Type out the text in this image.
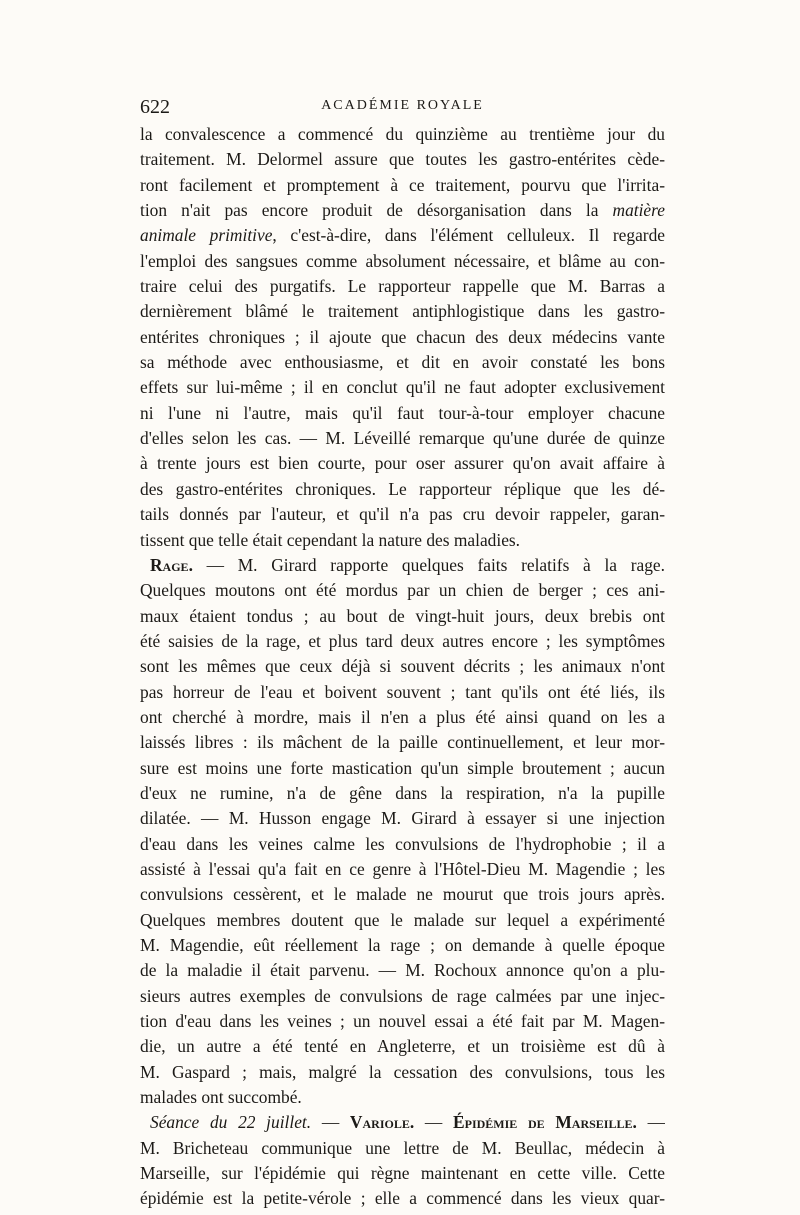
622	ACADÉMIE ROYALE
la convalescence a commencé du quinzième au trentième jour du
traitement. M. Delormel assure que toutes les gastro-entérites cède-
ront facilement et promptement à ce traitement, pourvu que l'irrita-
tion n'ait pas encore produit de désorganisation dans la matière
animale primitive, c'est-à-dire, dans l'élément celluleux. Il regarde
l'emploi des sangsues comme absolument nécessaire, et blâme au con-
traire celui des purgatifs. Le rapporteur rappelle que M. Barras a
dernièrement blâmé le traitement antiphlogistique dans les gastro-
entérites chroniques ; il ajoute que chacun des deux médecins vante
sa méthode avec enthousiasme, et dit en avoir constaté les bons
effets sur lui-même ; il en conclut qu'il ne faut adopter exclusivement
ni l'une ni l'autre, mais qu'il faut tour-à-tour employer chacune
d'elles selon les cas. — M. Léveillé remarque qu'une durée de quinze
à trente jours est bien courte, pour oser assurer qu'on avait affaire à
des gastro-entérites chroniques. Le rapporteur réplique que les dé-
tails donnés par l'auteur, et qu'il n'a pas cru devoir rappeler, garan-
tissent que telle était cependant la nature des maladies.
Rage. — M. Girard rapporte quelques faits relatifs à la rage.
Quelques moutons ont été mordus par un chien de berger ; ces ani-
maux étaient tondus ; au bout de vingt-huit jours, deux brebis ont
été saisies de la rage, et plus tard deux autres encore ; les symptômes
sont les mêmes que ceux déjà si souvent décrits ; les animaux n'ont
pas horreur de l'eau et boivent souvent ; tant qu'ils ont été liés, ils
ont cherché à mordre, mais il n'en a plus été ainsi quand on les a
laissés libres : ils mâchent de la paille continuellement, et leur mor-
sure est moins une forte mastication qu'un simple broutement ; aucun
d'eux ne rumine, n'a de gêne dans la respiration, n'a la pupille
dilatée. — M. Husson engage M. Girard à essayer si une injection
d'eau dans les veines calme les convulsions de l'hydrophobie ; il a
assisté à l'essai qu'a fait en ce genre à l'Hôtel-Dieu M. Magendie ; les
convulsions cessèrent, et le malade ne mourut que trois jours après.
Quelques membres doutent que le malade sur lequel a expérimenté
M. Magendie, eût réellement la rage ; on demande à quelle époque
de la maladie il était parvenu. — M. Rochoux annonce qu'on a plu-
sieurs autres exemples de convulsions de rage calmées par une injec-
tion d'eau dans les veines ; un nouvel essai a été fait par M. Magen-
die, un autre a été tenté en Angleterre, et un troisième est dû à
M. Gaspard ; mais, malgré la cessation des convulsions, tous les
malades ont succombé.
Séance du 22 juillet. — Variole. — Épidémie de Marseille. —
M. Bricheteau communique une lettre de M. Beullac, médecin à
Marseille, sur l'épidémie qui règne maintenant en cette ville. Cette
épidémie est la petite-vérole ; elle a commencé dans les vieux quar-
